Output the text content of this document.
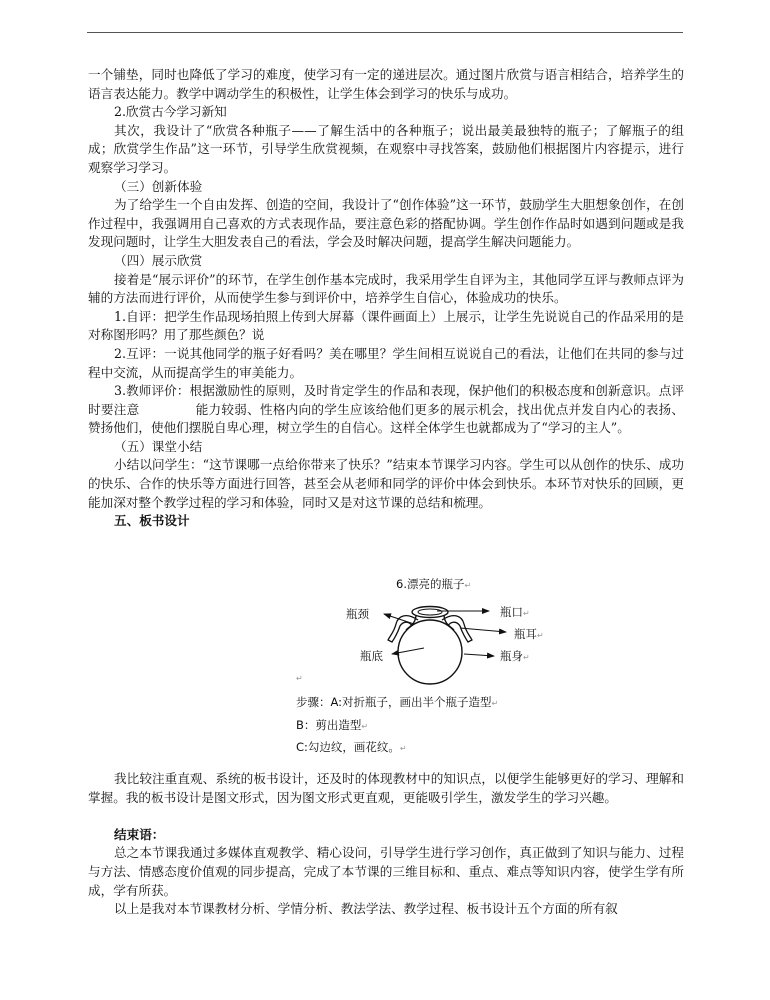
一个铺垫，同时也降低了学习的难度，使学习有一定的递进层次。通过图片欣赏与语言相结合，培养学生的语言表达能力。教学中调动学生的积极性，让学生体会到学习的快乐与成功。

2.欣赏古今学习新知

其次，我设计了“欣赏各种瓶子——了解生活中的各种瓶子；说出最美最独特的瓶子；了解瓶子的组成；欣赏学生作品”这一环节，引导学生欣赏视频，在观察中寻找答案，鼓励他们根据图片内容提示，进行观察学习学习。

（三）创新体验

为了给学生一个自由发挥、创造的空间，我设计了“创作体验”这一环节，鼓励学生大胆想象创作，在创作过程中，我强调用自己喜欢的方式表现作品，要注意色彩的搭配协调。学生创作作品时如遇到问题或是我发现问题时，让学生大胆发表自己的看法，学会及时解决问题，提高学生解决问题能力。

（四）展示欣赏

接着是“展示评价”的环节，在学生创作基本完成时，我采用学生自评为主，其他同学互评与教师点评为辅的方法而进行评价，从而使学生参与到评价中，培养学生自信心，体验成功的快乐。

1.自评：把学生作品现场拍照上传到大屏幕（课件画面上）上展示，让学生先说说自己的作品采用的是对称图形吗？用了那些颜色？说

2.互评：一说其他同学的瓶子好看吗？美在哪里？学生间相互说说自己的看法，让他们在共同的参与过程中交流，从而提高学生的审美能力。

3.教师评价：根据激励性的原则，及时肯定学生的作品和表现，保护他们的积极态度和创新意识。点评时要注意	能力较弱、性格内向的学生应该给他们更多的展示机会，找出优点并发自内心的表扬、赞扬他们，使他们摆脱自卑心理，树立学生的自信心。这样全体学生也就都成为了“学习的主人”。

（五）课堂小结

小结以问学生：“这节课哪一点给你带来了快乐？”结束本节课学习内容。学生可以从创作的快乐、成功的快乐、合作的快乐等方面进行回答，甚至会从老师和同学的评价中体会到快乐。本环节对快乐的回顾，更能加深对整个教学过程的学习和体验，同时又是对这节课的总结和梳理。

五、板书设计

6.漂亮的瓶子↵
瓶颈	瓶口↵
瓶耳↵
瓶底	瓶身↵
↵
步骤：A:对折瓶子，画出半个瓶子造型↵
B：剪出造型↵
C:勾边纹，画花纹。↵

我比较注重直观、系统的板书设计，还及时的体现教材中的知识点，以便学生能够更好的学习、理解和掌握。我的板书设计是图文形式，因为图文形式更直观，更能吸引学生，激发学生的学习兴趣。

结束语：

总之本节课我通过多媒体直观教学、精心设问，引导学生进行学习创作，真正做到了知识与能力、过程与方法、情感态度价值观的同步提高，完成了本节课的三维目标和、重点、难点等知识内容，使学生学有所成，学有所获。

以上是我对本节课教材分析、学情分析、教法学法、教学过程、板书设计五个方面的所有叙
